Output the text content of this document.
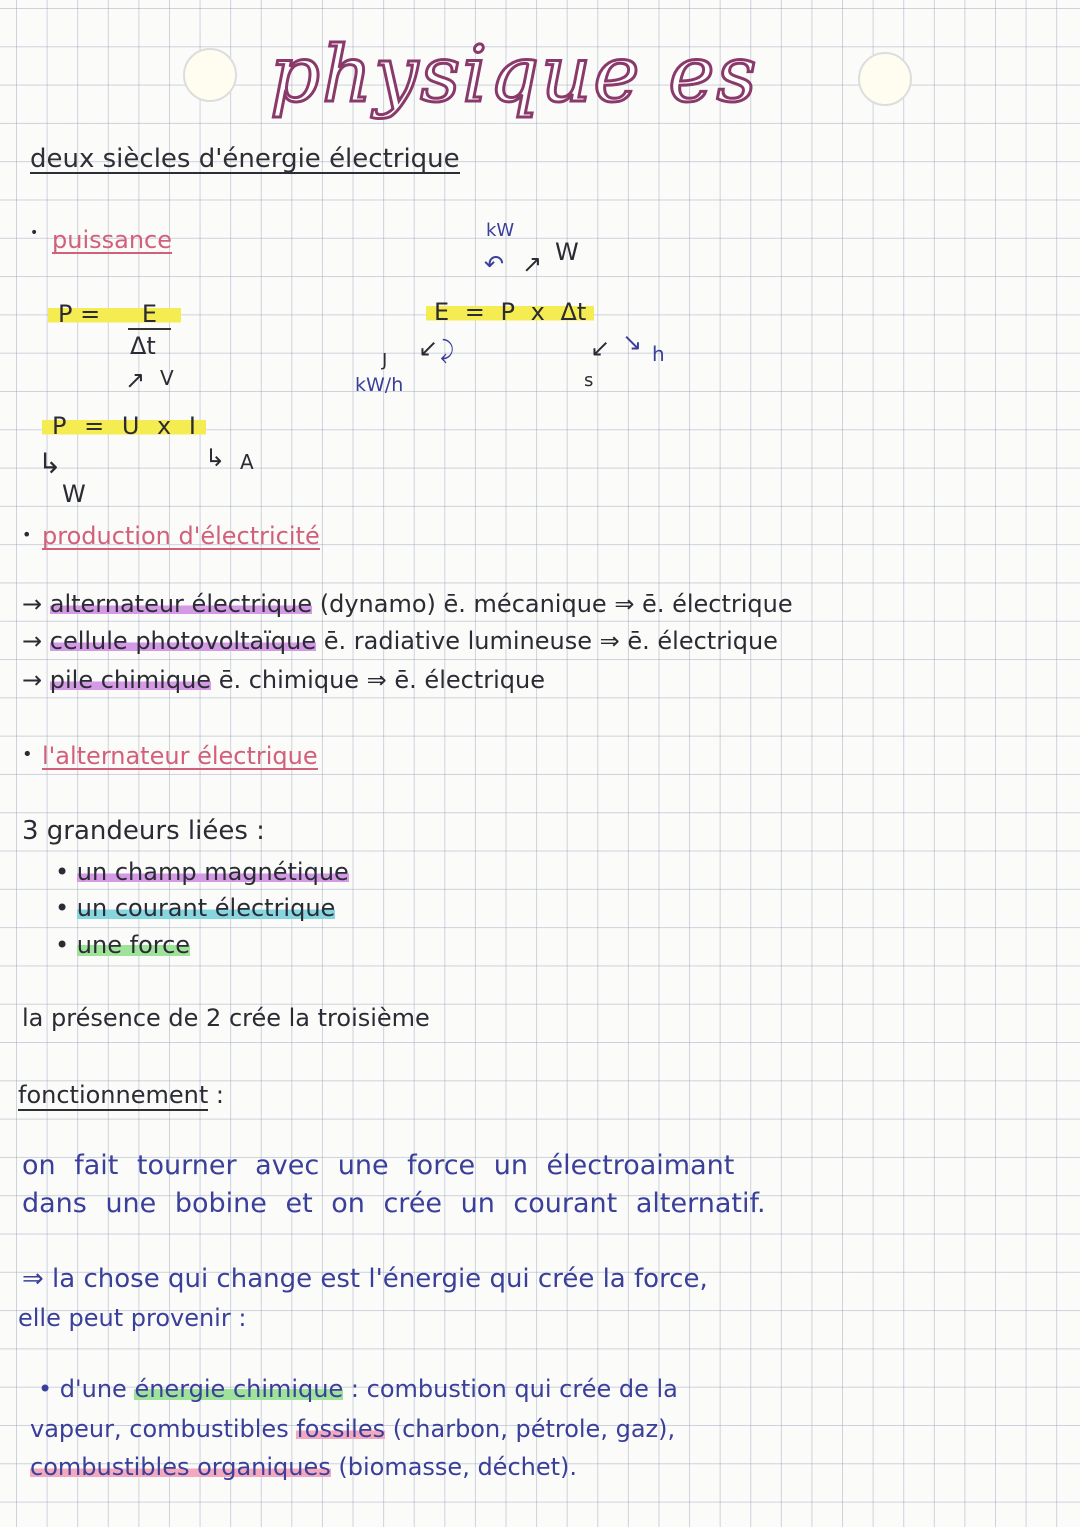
physique es
deux siècles d'énergie électrique
• puissance
P = E
Δt
V
↗
P = U x I
↳
W
↳ A
kW
W
↶ ↗
E = P x Δt
J
kW/h
↙ ⤸	↙ ↘
s
h
• production d'électricité
→ alternateur électrique (dynamo) ē. mécanique ⇒ ē. électrique
→ cellule photovoltaïque ē. radiative lumineuse ⇒ ē. électrique
→ pile chimique ē. chimique ⇒ ē. électrique
• l'alternateur électrique
3 grandeurs liées :
• un champ magnétique
• un courant électrique
• une force
la présence de 2 crée la troisième
fonctionnement :
on fait tourner avec une force un électroaimant
dans une bobine et on crée un courant alternatif.
⇒ la chose qui change est l'énergie qui crée la force,
elle peut provenir :
• d'une énergie chimique : combustion qui crée de la
vapeur, combustibles fossiles (charbon, pétrole, gaz),
combustibles organiques (biomasse, déchet).
